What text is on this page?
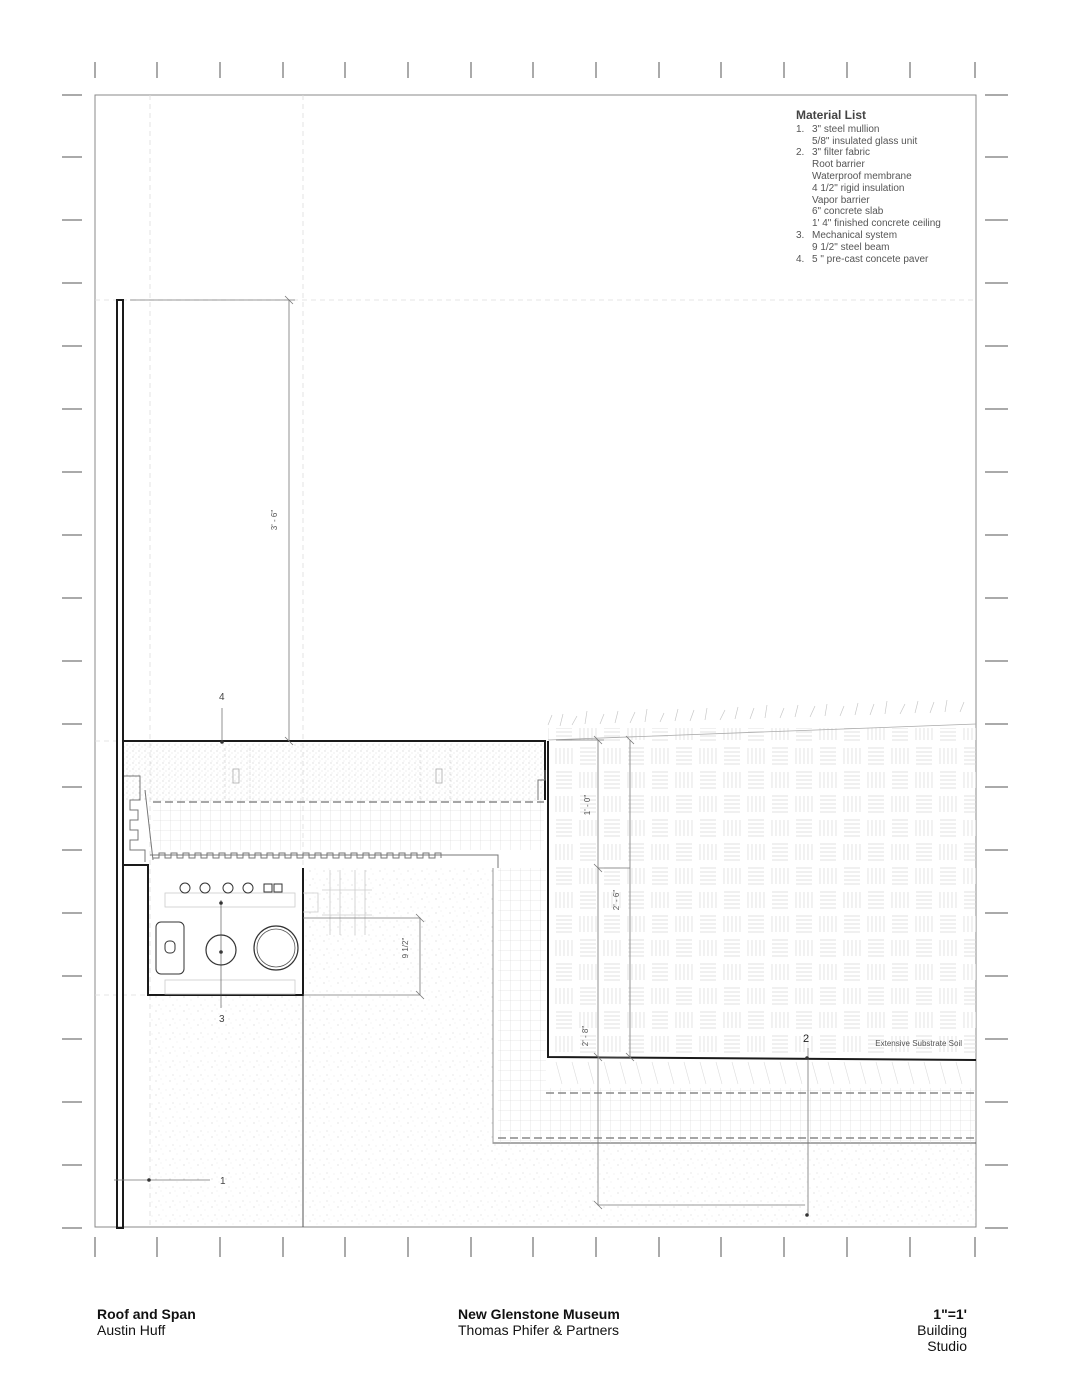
3' - 6"
1' - 0"
2' - 6"
2' - 8"
9 1/2"
Extensive Substrate Soil
1
3
4
2
Material List
1. 3" steel mullion
5/8" insulated glass unit
2. 3" filter fabric
Root barrier
Waterproof membrane
4 1/2" rigid insulation
Vapor barrier
6" concrete slab
1' 4" finished concrete ceiling
3. Mechanical system
9 1/2" steel beam
4. 5 " pre-cast concete paver
Roof and Span
Austin Huff
New Glenstone Museum
Thomas Phifer & Partners
1"=1'
Building
Studio
